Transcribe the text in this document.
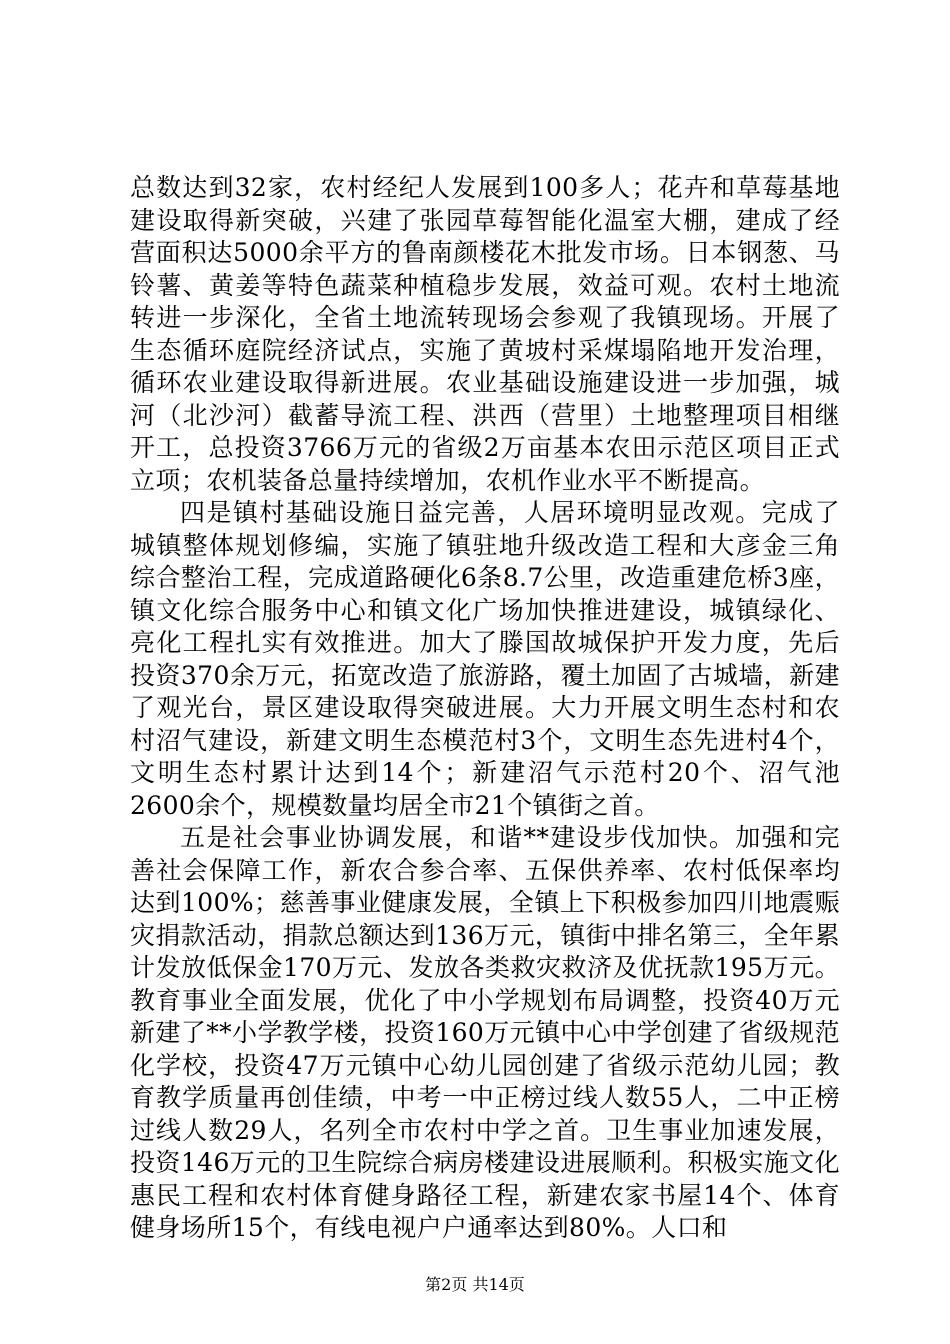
总数达到32家，农村经纪人发展到100多人；花卉和草莓基地建设取得新突破，兴建了张园草莓智能化温室大棚，建成了经营面积达5000余平方的鲁南颜楼花木批发市场。日本钢葱、马铃薯、黄姜等特色蔬菜种植稳步发展，效益可观。农村土地流转进一步深化，全省土地流转现场会参观了我镇现场。开展了生态循环庭院经济试点，实施了黄坡村采煤塌陷地开发治理，循环农业建设取得新进展。农业基础设施建设进一步加强，城河（北沙河）截蓄导流工程、洪西（营里）土地整理项目相继开工，总投资3766万元的省级2万亩基本农田示范区项目正式立项；农机装备总量持续增加，农机作业水平不断提高。

四是镇村基础设施日益完善，人居环境明显改观。完成了城镇整体规划修编，实施了镇驻地升级改造工程和大彦金三角综合整治工程，完成道路硬化6条8.7公里，改造重建危桥3座，镇文化综合服务中心和镇文化广场加快推进建设，城镇绿化、亮化工程扎实有效推进。加大了滕国故城保护开发力度，先后投资370余万元，拓宽改造了旅游路，覆土加固了古城墙，新建了观光台，景区建设取得突破进展。大力开展文明生态村和农村沼气建设，新建文明生态模范村3个，文明生态先进村4个，文明生态村累计达到14个；新建沼气示范村20个、沼气池2600余个，规模数量均居全市21个镇街之首。

五是社会事业协调发展，和谐**建设步伐加快。加强和完善社会保障工作，新农合参合率、五保供养率、农村低保率均达到100%；慈善事业健康发展，全镇上下积极参加四川地震赈灾捐款活动，捐款总额达到136万元，镇街中排名第三，全年累计发放低保金170万元、发放各类救灾救济及优抚款195万元。教育事业全面发展，优化了中小学规划布局调整，投资40万元新建了**小学教学楼，投资160万元镇中心中学创建了省级规范化学校，投资47万元镇中心幼儿园创建了省级示范幼儿园；教育教学质量再创佳绩，中考一中正榜过线人数55人，二中正榜过线人数29人，名列全市农村中学之首。卫生事业加速发展，投资146万元的卫生院综合病房楼建设进展顺利。积极实施文化惠民工程和农村体育健身路径工程，新建农家书屋14个、体育健身场所15个，有线电视户户通率达到80%。人口和

第2页 共14页
